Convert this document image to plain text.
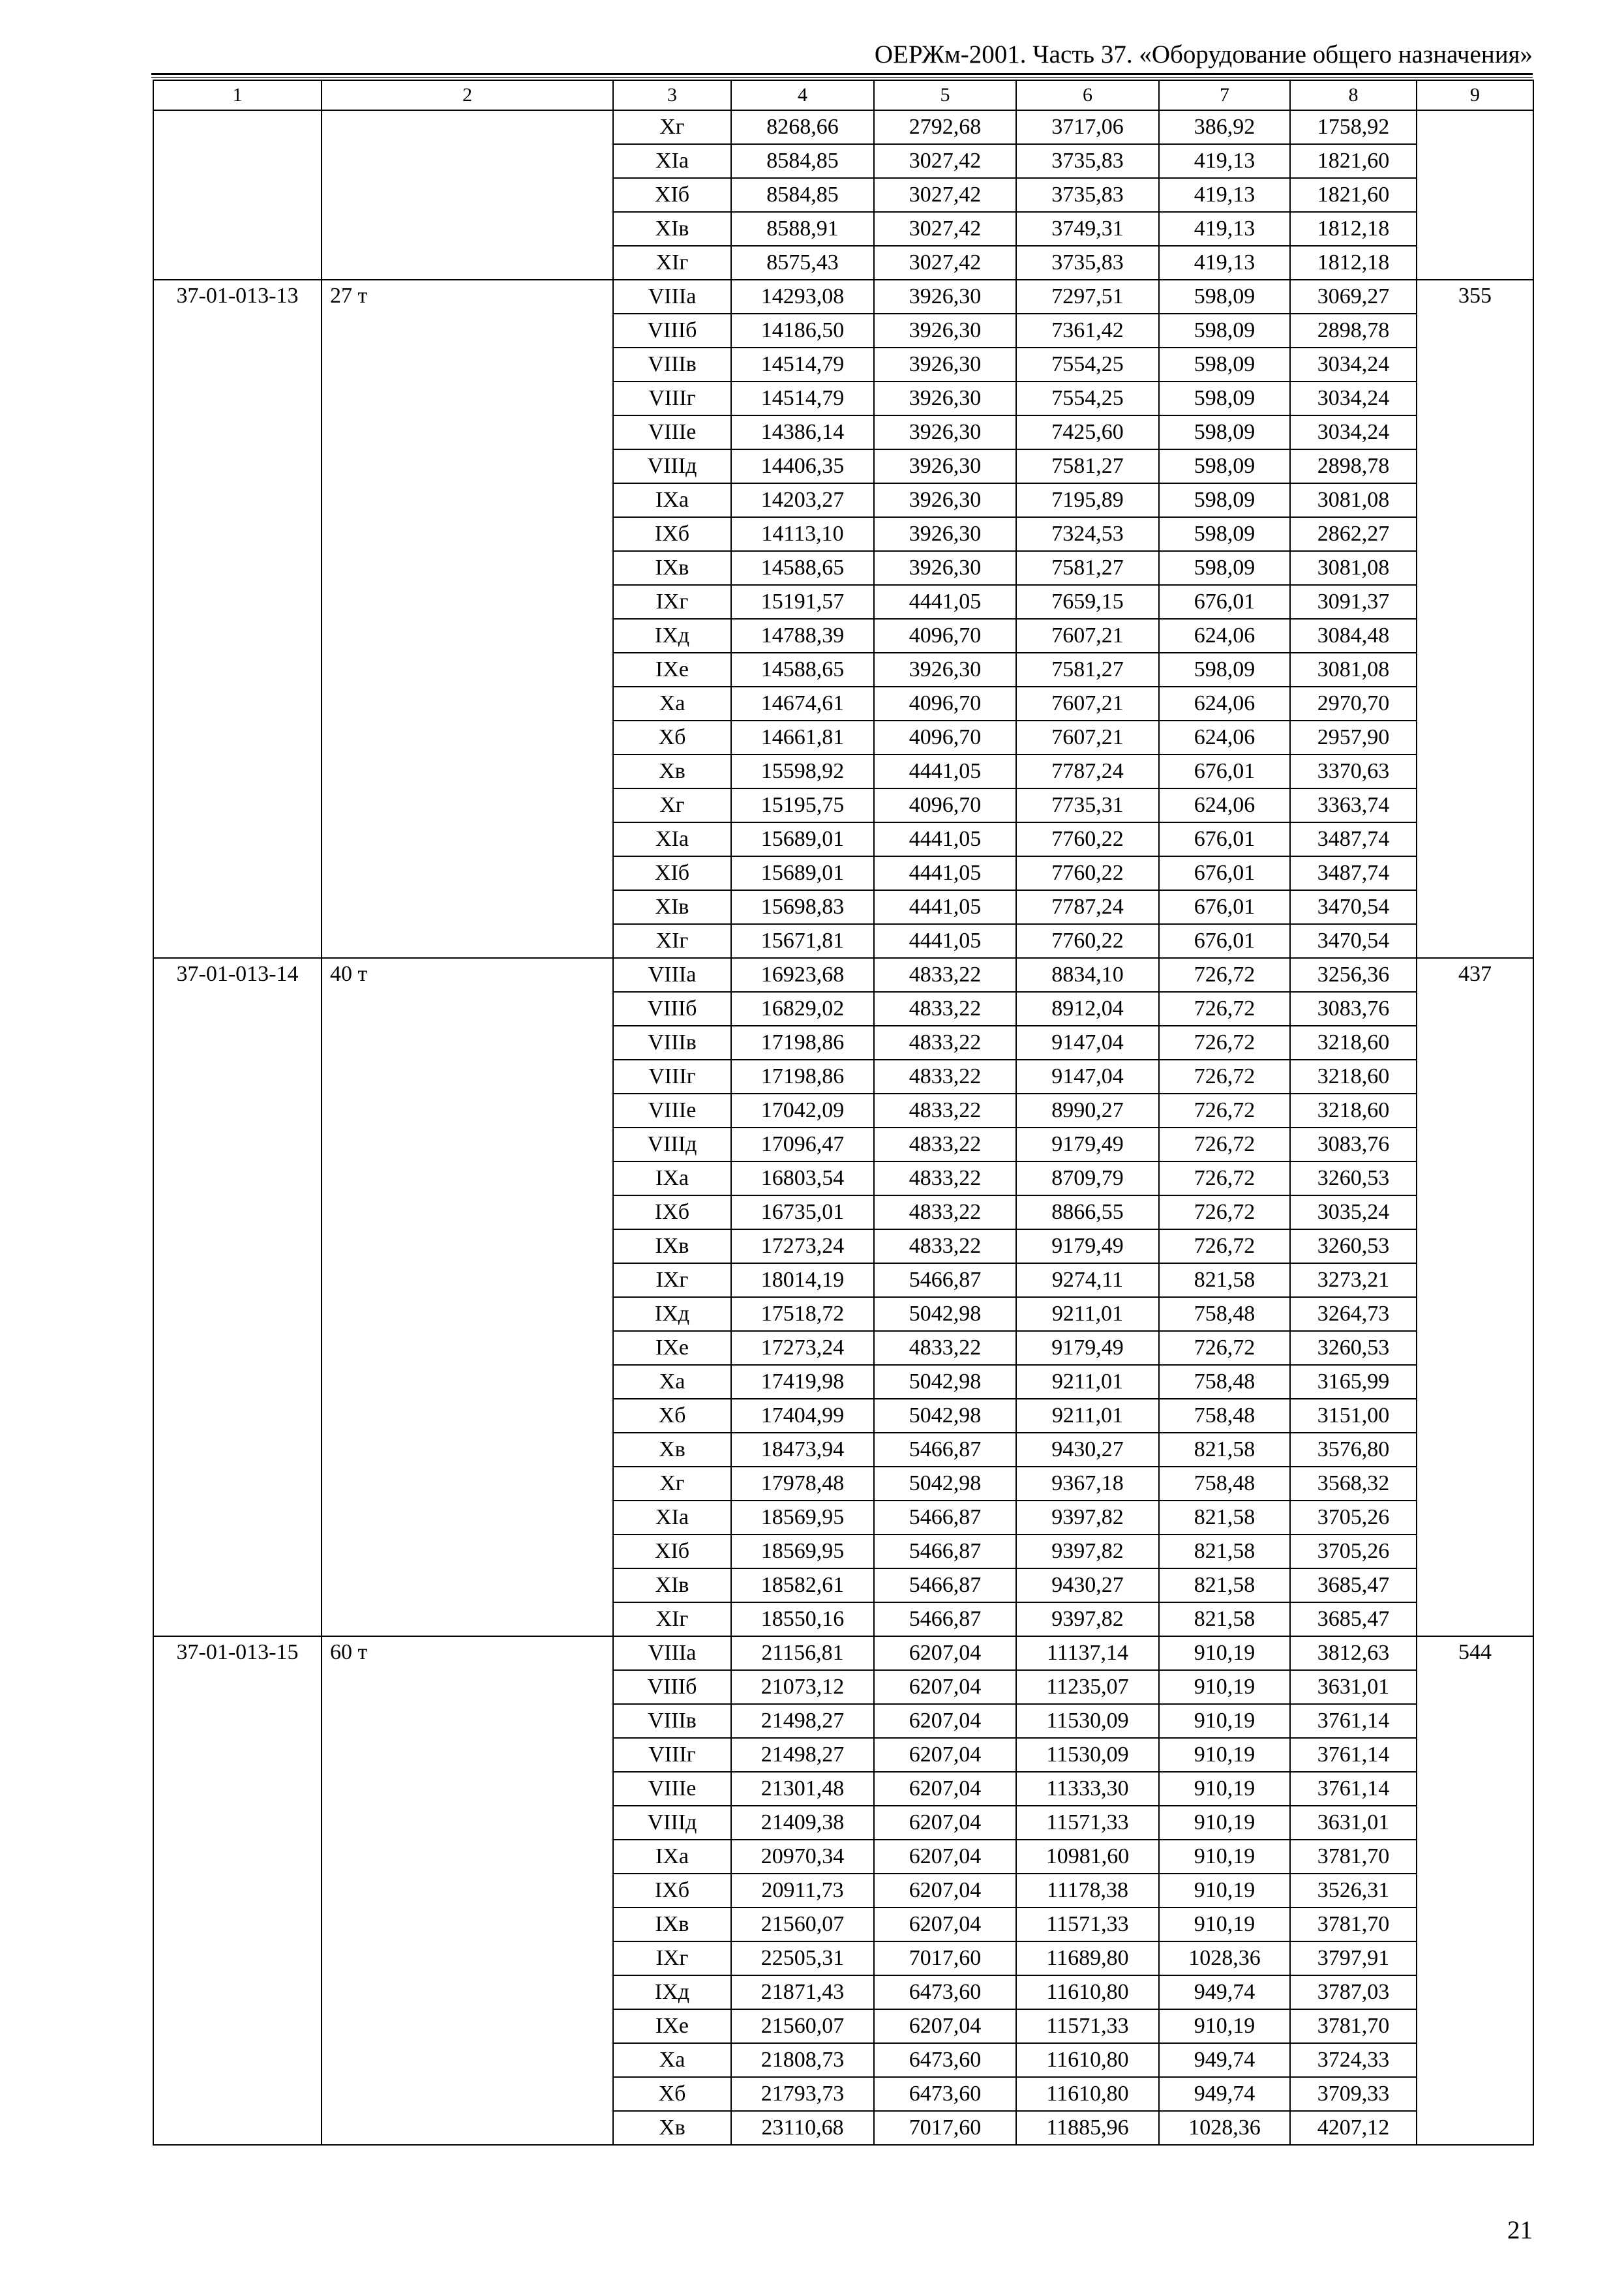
ОЕРЖм-2001. Часть 37. «Оборудование общего назначения»
1	2	3	4	5	6	7	8	9
		Xг	8268,66	2792,68	3717,06	386,92	1758,92	
		XIа	8584,85	3027,42	3735,83	419,13	1821,60	
		XIб	8584,85	3027,42	3735,83	419,13	1821,60	
		XIв	8588,91	3027,42	3749,31	419,13	1812,18	
		XIг	8575,43	3027,42	3735,83	419,13	1812,18	
37-01-013-13	27 т	VIIIа	14293,08	3926,30	7297,51	598,09	3069,27	355
		VIIIб	14186,50	3926,30	7361,42	598,09	2898,78	
		VIIIв	14514,79	3926,30	7554,25	598,09	3034,24	
		VIIIг	14514,79	3926,30	7554,25	598,09	3034,24	
		VIIIе	14386,14	3926,30	7425,60	598,09	3034,24	
		VIIIд	14406,35	3926,30	7581,27	598,09	2898,78	
		IXа	14203,27	3926,30	7195,89	598,09	3081,08	
		IXб	14113,10	3926,30	7324,53	598,09	2862,27	
		IXв	14588,65	3926,30	7581,27	598,09	3081,08	
		IXг	15191,57	4441,05	7659,15	676,01	3091,37	
		IXд	14788,39	4096,70	7607,21	624,06	3084,48	
		IXе	14588,65	3926,30	7581,27	598,09	3081,08	
		Xа	14674,61	4096,70	7607,21	624,06	2970,70	
		Xб	14661,81	4096,70	7607,21	624,06	2957,90	
		Xв	15598,92	4441,05	7787,24	676,01	3370,63	
		Xг	15195,75	4096,70	7735,31	624,06	3363,74	
		XIа	15689,01	4441,05	7760,22	676,01	3487,74	
		XIб	15689,01	4441,05	7760,22	676,01	3487,74	
		XIв	15698,83	4441,05	7787,24	676,01	3470,54	
		XIг	15671,81	4441,05	7760,22	676,01	3470,54	
37-01-013-14	40 т	VIIIа	16923,68	4833,22	8834,10	726,72	3256,36	437
		VIIIб	16829,02	4833,22	8912,04	726,72	3083,76	
		VIIIв	17198,86	4833,22	9147,04	726,72	3218,60	
		VIIIг	17198,86	4833,22	9147,04	726,72	3218,60	
		VIIIе	17042,09	4833,22	8990,27	726,72	3218,60	
		VIIIд	17096,47	4833,22	9179,49	726,72	3083,76	
		IXа	16803,54	4833,22	8709,79	726,72	3260,53	
		IXб	16735,01	4833,22	8866,55	726,72	3035,24	
		IXв	17273,24	4833,22	9179,49	726,72	3260,53	
		IXг	18014,19	5466,87	9274,11	821,58	3273,21	
		IXд	17518,72	5042,98	9211,01	758,48	3264,73	
		IXе	17273,24	4833,22	9179,49	726,72	3260,53	
		Xа	17419,98	5042,98	9211,01	758,48	3165,99	
		Xб	17404,99	5042,98	9211,01	758,48	3151,00	
		Xв	18473,94	5466,87	9430,27	821,58	3576,80	
		Xг	17978,48	5042,98	9367,18	758,48	3568,32	
		XIа	18569,95	5466,87	9397,82	821,58	3705,26	
		XIб	18569,95	5466,87	9397,82	821,58	3705,26	
		XIв	18582,61	5466,87	9430,27	821,58	3685,47	
		XIг	18550,16	5466,87	9397,82	821,58	3685,47	
37-01-013-15	60 т	VIIIа	21156,81	6207,04	11137,14	910,19	3812,63	544
		VIIIб	21073,12	6207,04	11235,07	910,19	3631,01	
		VIIIв	21498,27	6207,04	11530,09	910,19	3761,14	
		VIIIг	21498,27	6207,04	11530,09	910,19	3761,14	
		VIIIе	21301,48	6207,04	11333,30	910,19	3761,14	
		VIIIд	21409,38	6207,04	11571,33	910,19	3631,01	
		IXа	20970,34	6207,04	10981,60	910,19	3781,70	
		IXб	20911,73	6207,04	11178,38	910,19	3526,31	
		IXв	21560,07	6207,04	11571,33	910,19	3781,70	
		IXг	22505,31	7017,60	11689,80	1028,36	3797,91	
		IXд	21871,43	6473,60	11610,80	949,74	3787,03	
		IXе	21560,07	6207,04	11571,33	910,19	3781,70	
		Xа	21808,73	6473,60	11610,80	949,74	3724,33	
		Xб	21793,73	6473,60	11610,80	949,74	3709,33	
		Xв	23110,68	7017,60	11885,96	1028,36	4207,12	
21
